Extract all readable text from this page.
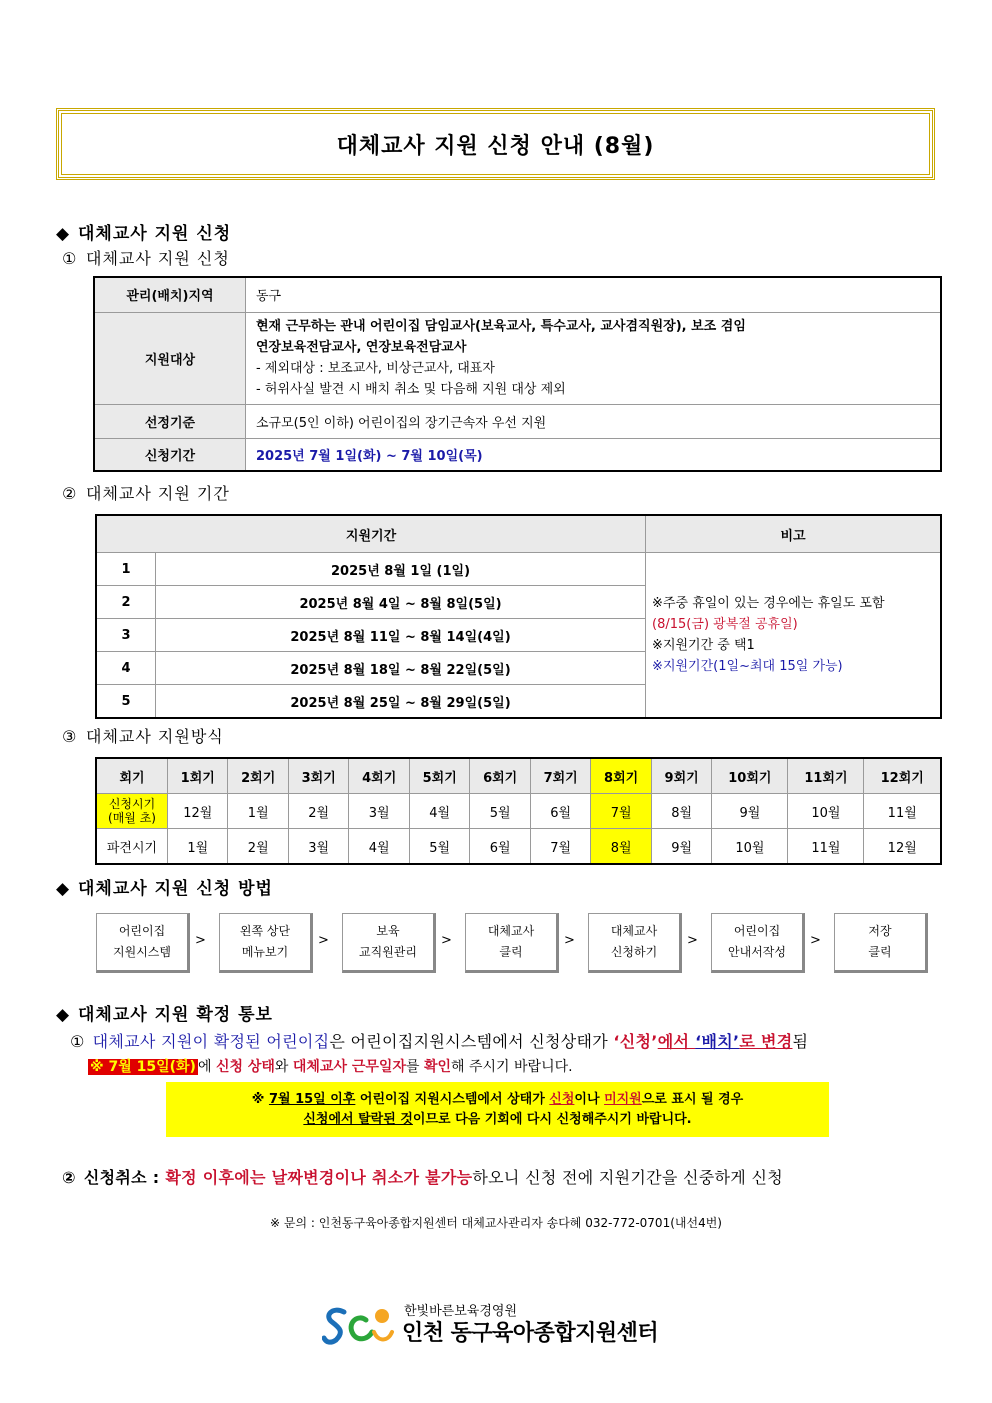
대체교사 지원 신청 안내 (8월)
◆ 대체교사 지원 신청
① 대체교사 지원 신청
관리(배치)지역	동구
지원대상	현재 근무하는 관내 어린이집 담임교사(보육교사, 특수교사, 교사겸직원장), 보조 겸임
연장보육전담교사, 연장보육전담교사
- 제외대상 : 보조교사, 비상근교사, 대표자
- 허위사실 발견 시 배치 취소 및 다음해 지원 대상 제외

선정기준	소규모(5인 이하) 어린이집의 장기근속자 우선 지원
신청기간	2025년 7월 1일(화) ~ 7월 10일(목)
② 대체교사 지원 기간
지원기간		비고
1	2025년 8월 1일 (1일)	※주중 휴일이 있는 경우에는 휴일도 포함
(8/15(금) 광복절 공휴일)
※지원기간 중 택1
※지원기간(1일~최대 15일 가능)

2	2025년 8월 4일 ~ 8월 8일(5일)	
3	2025년 8월 11일 ~ 8월 14일(4일)	
4	2025년 8월 18일 ~ 8월 22일(5일)	
5	2025년 8월 25일 ~ 8월 29일(5일)	
③ 대체교사 지원방식
회기	1회기	2회기	3회기	4회기	5회기	6회기	7회기	8회기	9회기	10회기	11회기	12회기

신청시기
(매월 초)	12월	1월	2월	3월	4월	5월	6월	7월	8월	9월	10월	11월
파견시기	1월	2월	3월	4월	5월	6월	7월	8월	9월	10월	11월	12월
◆ 대체교사 지원 신청 방법
어린이집
지원시스템
>
왼쪽 상단
메뉴보기
>
보육
교직원관리
>
대체교사
클릭
>
대체교사
신청하기
>
어린이집
안내서작성
>
저장
클릭
◆ 대체교사 지원 확정 통보
① 대체교사 지원이 확정된 어린이집은 어린이집지원시스템에서 신청상태가 ‘신청’에서 ‘배치’로 변경됨
※ 7월 15일(화) 에 신청 상태와 대체교사 근무일자를 확인해 주시기 바랍니다.
※ 7월 15일 이후 어린이집 지원시스템에서 상태가 신청이나 미지원으로 표시 될 경우
신청에서 탈락된 것이므로 다음 기회에 다시 신청해주시기 바랍니다.
② 신청취소 : 확정 이후에는 날짜변경이나 취소가 불가능하오니 신청 전에 지원기간을 신중하게 신청
※ 문의 : 인천동구육아종합지원센터 대체교사관리자 송다혜 032-772-0701(내선4번)
한빛바른보육경영원
인천 동구육아종합지원센터
